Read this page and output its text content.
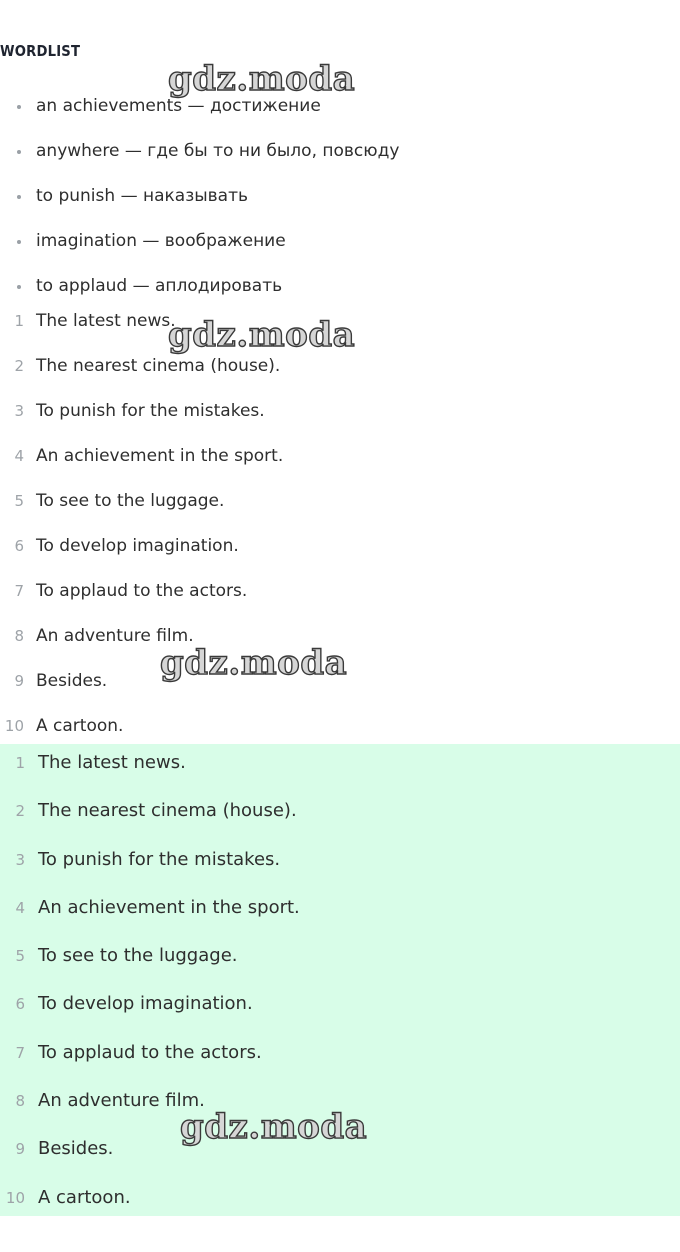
WORDLIST
an achievements — достижение
anywhere — где бы то ни было, повсюду
to punish — наказывать
imagination — воображение
to applaud — аплодировать
1 The latest news.
2 The nearest cinema (house).
3 To punish for the mistakes.
4 An achievement in the sport.
5 To see to the luggage.
6 To develop imagination.
7 To applaud to the actors.
8 An adventure film.
9 Besides.
10 A cartoon.
1 The latest news.
2 The nearest cinema (house).
3 To punish for the mistakes.
4 An achievement in the sport.
5 To see to the luggage.
6 To develop imagination.
7 To applaud to the actors.
8 An adventure film.
9 Besides.
10 A cartoon.
gdz.moda
gdz.moda
gdz.moda
gdz.moda
